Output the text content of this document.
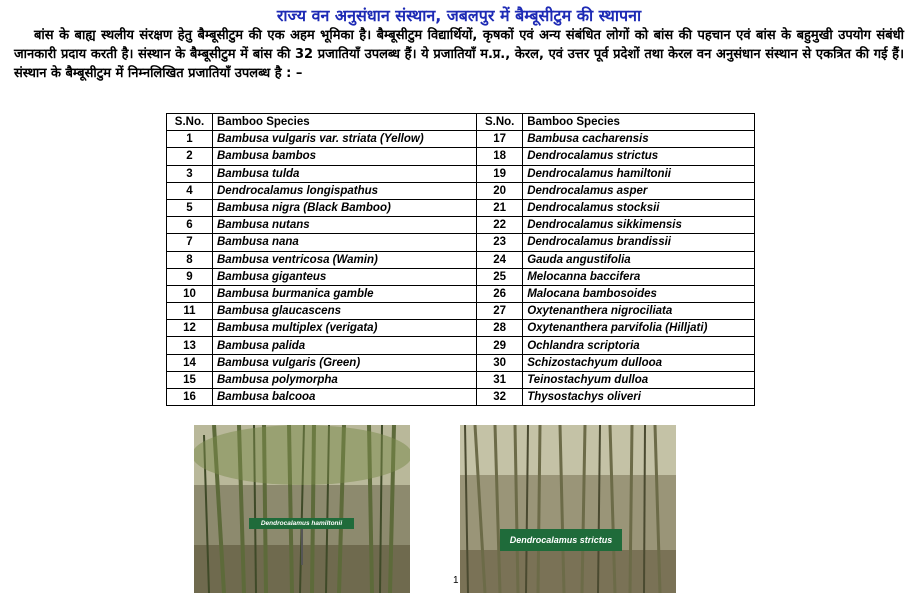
राज्य वन अनुसंधान संस्थान, जबलपुर में बैम्बूसीटुम की स्थापना
बांस के बाह्य स्थलीय संरक्षण हेतु बैम्बूसीटुम की एक अहम भूमिका है। बैम्बूसीटुम विद्यार्थियों, कृषकों एवं अन्य संबंधित लोगों को बांस की पहचान एवं बांस के बहुमुखी उपयोग संबंधी जानकारी प्रदाय करती है। संस्थान के बैम्बूसीटुम में बांस की 32 प्रजातियाँ उपलब्ध हैं। ये प्रजातियाँ म.प्र., केरल, एवं उत्तर पूर्व प्रदेशों तथा केरल वन अनुसंधान संस्थान से एकत्रित की गई हैं। संस्थान के बैम्बूसीटुम में निम्नलिखित प्रजातियाँ उपलब्ध है : –
S.No.	Bamboo Species	S.No.	Bamboo Species
1	Bambusa vulgaris var. striata (Yellow)	17	Bambusa cacharensis
2	Bambusa bambos	18	Dendrocalamus strictus
3	Bambusa tulda	19	Dendrocalamus hamiltonii
4	Dendrocalamus longispathus	20	Dendrocalamus asper
5	Bambusa nigra (Black Bamboo)	21	Dendrocalamus stocksii
6	Bambusa nutans	22	Dendrocalamus sikkimensis
7	Bambusa nana	23	Dendrocalamus brandissii
8	Bambusa ventricosa (Wamin)	24	Gauda angustifolia
9	Bambusa giganteus	25	Melocanna baccifera
10	Bambusa burmanica gamble	26	Malocana bambosoides
11	Bambusa glaucascens	27	Oxytenanthera nigrociliata
12	Bambusa multiplex (verigata)	28	Oxytenanthera parvifolia (Hilljati)
13	Bambusa palida	29	Ochlandra scriptoria
14	Bambusa vulgaris (Green)	30	Schizostachyum dullooa
15	Bambusa polymorpha	31	Teinostachyum dulloa
16	Bambusa balcooa	32	Thysostachys oliveri
Dendrocalamus hamiltonii
Dendrocalamus strictus
1
